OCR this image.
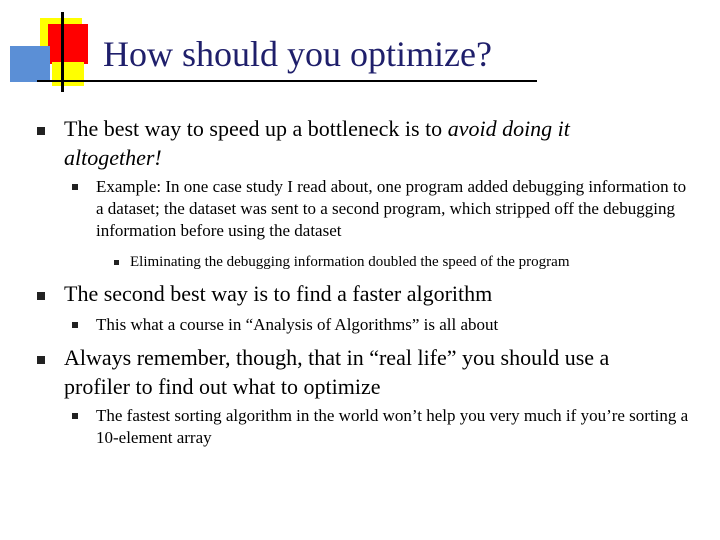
How should you optimize?
The best way to speed up a bottleneck is to avoid doing it altogether!
Example: In one case study I read about, one program added debugging information to a dataset; the dataset was sent to a second program, which stripped off the debugging information before using the dataset
Eliminating the debugging information doubled the speed of the program
The second best way is to find a faster algorithm
This what a course in “Analysis of Algorithms” is all about
Always remember, though, that in “real life” you should use a profiler to find out what to optimize
The fastest sorting algorithm in the world won’t help you very much if you’re sorting a 10-element array
